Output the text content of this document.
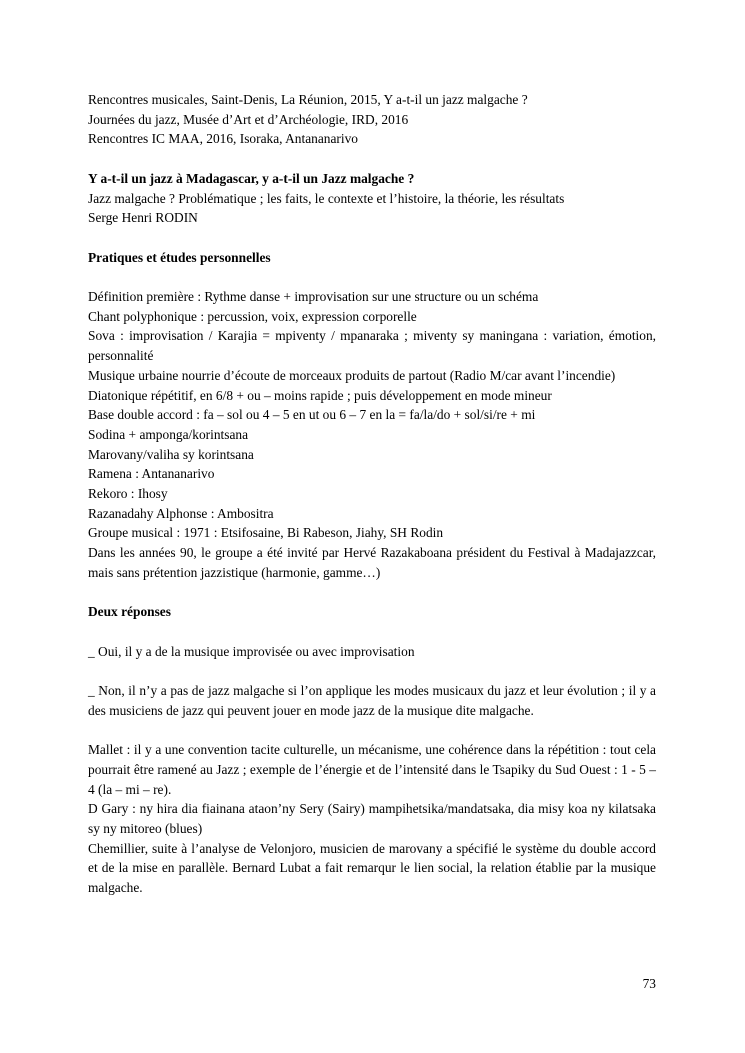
Rencontres musicales, Saint-Denis, La Réunion, 2015, Y a-t-il un jazz malgache ?
Journées du jazz, Musée d’Art et d’Archéologie, IRD, 2016
Rencontres IC MAA, 2016, Isoraka, Antananarivo
Y a-t-il un jazz à Madagascar, y a-t-il un Jazz malgache ?
Jazz malgache ? Problématique ; les faits, le contexte et l’histoire, la théorie, les résultats
Serge Henri RODIN
Pratiques et études personnelles
Définition première : Rythme danse + improvisation sur une structure ou un schéma
Chant polyphonique : percussion, voix, expression corporelle
Sova : improvisation / Karajia = mpiventy / mpanaraka ; miventy sy maningana : variation, émotion, personnalité
Musique urbaine nourrie d’écoute de morceaux produits de partout (Radio M/car avant l’incendie)
Diatonique répétitif, en 6/8 + ou – moins rapide ; puis développement en mode mineur
Base double accord : fa – sol ou 4 – 5 en ut ou 6 – 7 en la = fa/la/do + sol/si/re + mi
Sodina + amponga/korintsana
Marovany/valiha sy korintsana
Ramena : Antananarivo
Rekoro : Ihosy
Razanadahy Alphonse : Ambositra
Groupe musical : 1971 : Etsifosaine, Bi Rabeson, Jiahy, SH Rodin
Dans les années 90, le groupe a été invité par Hervé Razakaboana président du Festival à Madajazzcar, mais sans prétention jazzistique (harmonie, gamme…)
Deux réponses
_ Oui, il y a de la musique improvisée ou avec improvisation
_ Non, il n’y a pas de jazz malgache si l’on applique les modes musicaux du jazz et leur évolution ; il y a des musiciens de jazz qui peuvent jouer en mode jazz de la musique dite malgache.
Mallet : il y a une convention tacite culturelle, un mécanisme, une cohérence dans la répétition : tout cela pourrait être ramené au Jazz ; exemple de l’énergie et de l’intensité dans le Tsapiky du Sud Ouest : 1 - 5 – 4 (la – mi – re).
D Gary : ny hira dia fiainana ataon’ny Sery (Sairy) mampihetsika/mandatsaka, dia misy koa ny kilatsaka sy ny mitoreo (blues)
Chemillier, suite à l’analyse de Velonjoro, musicien de marovany a spécifié le système du double accord et de la mise en parallèle. Bernard Lubat a fait remarqur le lien social, la relation établie par la musique malgache.
73
